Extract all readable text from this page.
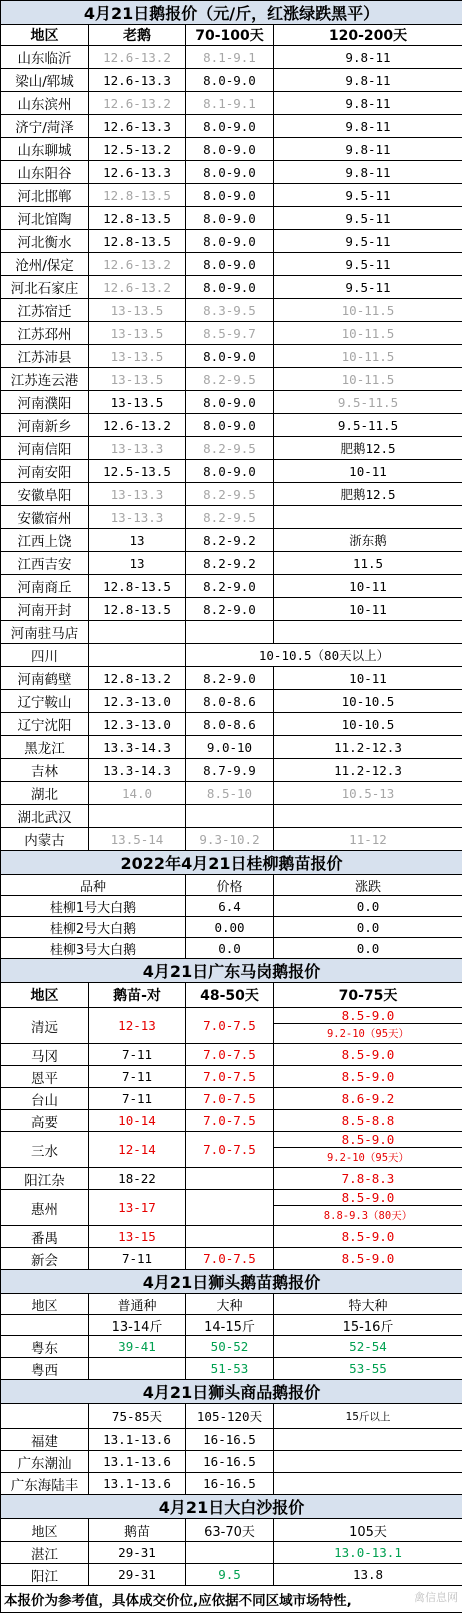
4月21日鹅报价（元/斤，红涨绿跌黑平）			
地区	老鹅	70-100天	120-200天
山东临沂	12.6-13.2	8.1-9.1	9.8-11
梁山/郓城	12.6-13.3	8.0-9.0	9.8-11
山东滨州	12.6-13.2	8.1-9.1	9.8-11
济宁/菏泽	12.6-13.3	8.0-9.0	9.8-11
山东聊城	12.5-13.2	8.0-9.0	9.8-11
山东阳谷	12.6-13.3	8.0-9.0	9.8-11
河北邯郸	12.8-13.5	8.0-9.0	9.5-11
河北馆陶	12.8-13.5	8.0-9.0	9.5-11
河北衡水	12.8-13.5	8.0-9.0	9.5-11
沧州/保定	12.6-13.2	8.0-9.0	9.5-11
河北石家庄	12.6-13.2	8.0-9.0	9.5-11
江苏宿迁	13-13.5	8.3-9.5	10-11.5
江苏邳州	13-13.5	8.5-9.7	10-11.5
江苏沛县	13-13.5	8.0-9.0	10-11.5
江苏连云港	13-13.5	8.2-9.5	10-11.5
河南濮阳	13-13.5	8.0-9.0	9.5-11.5
河南新乡	12.6-13.2	8.0-9.0	9.5-11.5
河南信阳	13-13.3	8.2-9.5	肥鹅12.5
河南安阳	12.5-13.5	8.0-9.0	10-11
安徽阜阳	13-13.3	8.2-9.5	肥鹅12.5
安徽宿州	13-13.3	8.2-9.5	
江西上饶	13	8.2-9.2	浙东鹅
江西吉安	13	8.2-9.2	11.5
河南商丘	12.8-13.5	8.2-9.0	10-11
河南开封	12.8-13.5	8.2-9.0	10-11
河南驻马店			
四川		10-10.5（80天以上）	
河南鹤壁	12.8-13.2	8.2-9.0	10-11
辽宁鞍山	12.3-13.0	8.0-8.6	10-10.5
辽宁沈阳	12.3-13.0	8.0-8.6	10-10.5
黑龙江	13.3-14.3	9.0-10	11.2-12.3
吉林	13.3-14.3	8.7-9.9	11.2-12.3
湖北	14.0	8.5-10	10.5-13
湖北武汉			
内蒙古	13.5-14	9.3-10.2	11-12
2022年4月21日桂柳鹅苗报价			
品种		价格	涨跌
桂柳1号大白鹅		6.4	0.0
桂柳2号大白鹅		0.00	0.0
桂柳3号大白鹅		0.0	0.0
4月21日广东马岗鹅报价			
地区	鹅苗-对	48-50天	70-75天
清远	12-13	7.0-7.5	8.5-9.0
			9.2-10（95天）
马冈	7-11	7.0-7.5	8.5-9.0
恩平	7-11	7.0-7.5	8.5-9.0
台山	7-11	7.0-7.5	8.6-9.2
高要	10-14	7.0-7.5	8.5-8.8
三水	12-14	7.0-7.5	8.5-9.0
			9.2-10（95天）
阳江杂	18-22		7.8-8.3
惠州	13-17		8.5-9.0
			8.8-9.3（80天）
番禺	13-15		8.5-9.0
新会	7-11	7.0-7.5	8.5-9.0
4月21日狮头鹅苗鹅报价			
地区	普通种	大种	特大种
	13-14斤	14-15斤	15-16斤
粤东	39-41	50-52	52-54
粤西		51-53	53-55
4月21日狮头商品鹅报价			
	75-85天	105-120天	15斤以上
福建	13.1-13.6	16-16.5	
广东潮汕	13.1-13.6	16-16.5	
广东海陆丰	13.1-13.6	16-16.5	
4月21日大白沙报价			
地区	鹅苗	63-70天	105天
湛江	29-31		13.0-13.1
阳江	29-31	9.5	13.8
本报价为参考值，具体成交价位,应依据不同区域市场特性, 禽信息网			
